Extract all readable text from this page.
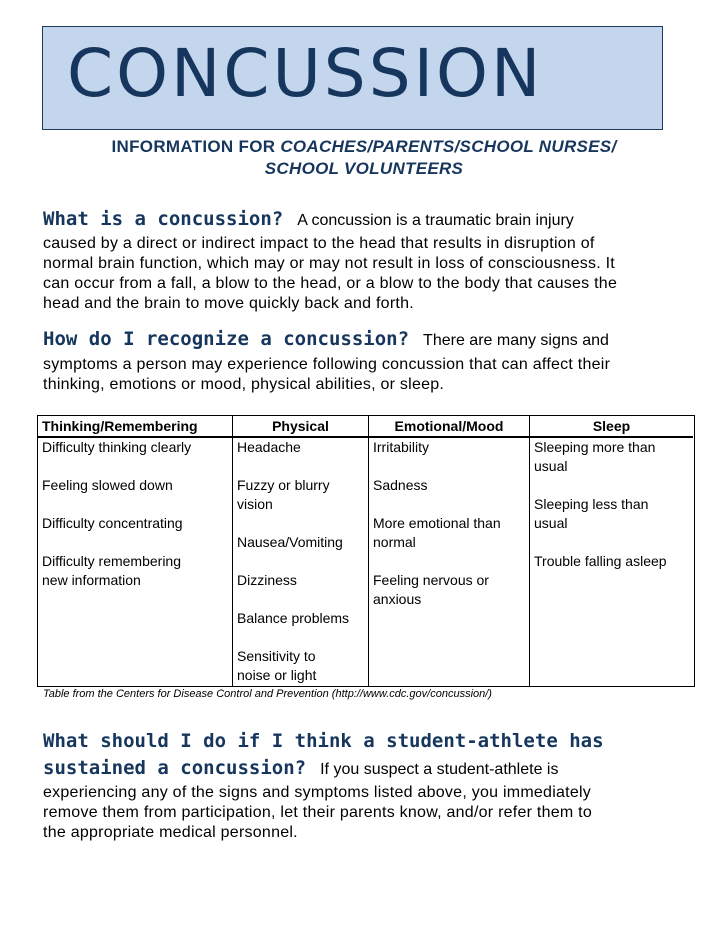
CONCUSSION
INFORMATION FOR COACHES/PARENTS/SCHOOL NURSES/
SCHOOL VOLUNTEERS
What is a concussion? A concussion is a traumatic brain injury
caused by a direct or indirect impact to the head that results in disruption of
normal brain function, which may or may not result in loss of consciousness. It
can occur from a fall, a blow to the head, or a blow to the body that causes the
head and the brain to move quickly back and forth.
How do I recognize a concussion? There are many signs and
symptoms a person may experience following concussion that can affect their
thinking, emotions or mood, physical abilities, or sleep.
Thinking/Remembering
Difficulty thinking clearly
Feeling slowed down
Difficulty concentrating
Difficulty remembering
new information
Physical
Headache
Fuzzy or blurry
vision
Nausea/Vomiting
Dizziness
Balance problems
Sensitivity to
noise or light
Emotional/Mood
Irritability
Sadness
More emotional than
normal
Feeling nervous or
anxious
Sleep
Sleeping more than
usual
Sleeping less than
usual
Trouble falling asleep
Table from the Centers for Disease Control and Prevention (http://www.cdc.gov/concussion/)
What should I do if I think a student-athlete has
sustained a concussion? If you suspect a student-athlete is
experiencing any of the signs and symptoms listed above, you immediately
remove them from participation, let their parents know, and/or refer them to
the appropriate medical personnel.
